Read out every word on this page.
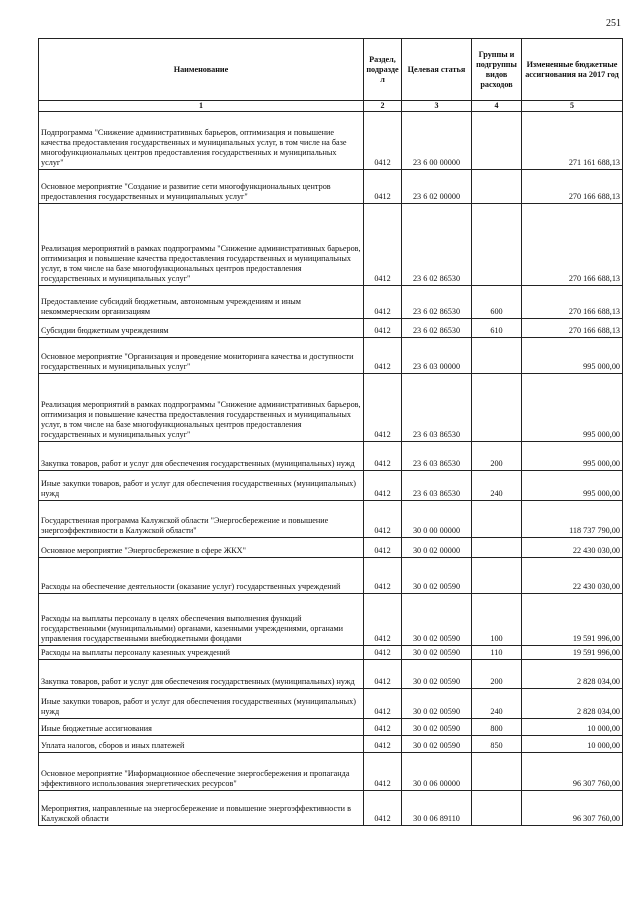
251
Наименование	Раздел, подразде л	Целевая статья	Группы и подгруппы видов расходов	Измененные бюджетные ассигнования на 2017 год
1	2	3	4	5
Подпрограмма "Снижение административных барьеров, оптимизация и повышение качества предоставления государственных и муниципальных услуг, в том числе на базе многофункциональных центров предоставления государственных и муниципальных услуг"	0412	23 6 00 00000		271 161 688,13
Основное мероприятие "Создание и развитие сети многофункциональных центров предоставления государственных и муниципальных услуг"	0412	23 6 02 00000		270 166 688,13
Реализация мероприятий в рамках подпрограммы "Снижение административных барьеров, оптимизация и повышение качества предоставления государственных и муниципальных услуг, в том числе на базе многофункциональных центров предоставления государственных и муниципальных услуг"	0412	23 6 02 86530		270 166 688,13
Предоставление субсидий бюджетным, автономным учреждениям и иным некоммерческим организациям	0412	23 6 02 86530	600	270 166 688,13
Субсидии бюджетным учреждениям	0412	23 6 02 86530	610	270 166 688,13
Основное мероприятие "Организация и проведение мониторинга качества и доступности государственных и муниципальных услуг"	0412	23 6 03 00000		995 000,00
Реализация мероприятий в рамках подпрограммы "Снижение административных барьеров, оптимизация и повышение качества предоставления государственных и муниципальных услуг, в том числе на базе многофункциональных центров предоставления государственных и муниципальных услуг"	0412	23 6 03 86530		995 000,00
Закупка товаров, работ и услуг для обеспечения государственных (муниципальных) нужд	0412	23 6 03 86530	200	995 000,00
Иные закупки товаров, работ и услуг для обеспечения государственных (муниципальных) нужд	0412	23 6 03 86530	240	995 000,00
Государственная программа Калужской области "Энергосбережение и повышение энергоэффективности в Калужской области"	0412	30 0 00 00000		118 737 790,00
Основное мероприятие "Энергосбережение в сфере ЖКХ"	0412	30 0 02 00000		22 430 030,00
Расходы на обеспечение деятельности (оказание услуг) государственных учреждений	0412	30 0 02 00590		22 430 030,00
Расходы на выплаты персоналу в целях обеспечения выполнения функций государственными (муниципальными) органами, казенными учреждениями, органами управления государственными внебюджетными фондами	0412	30 0 02 00590	100	19 591 996,00
Расходы на выплаты персоналу казенных учреждений	0412	30 0 02 00590	110	19 591 996,00
Закупка товаров, работ и услуг для обеспечения государственных (муниципальных) нужд	0412	30 0 02 00590	200	2 828 034,00
Иные закупки товаров, работ и услуг для обеспечения государственных (муниципальных) нужд	0412	30 0 02 00590	240	2 828 034,00
Иные бюджетные ассигнования	0412	30 0 02 00590	800	10 000,00
Уплата налогов, сборов и иных платежей	0412	30 0 02 00590	850	10 000,00
Основное мероприятие "Информационное обеспечение энергосбережения и пропаганда эффективного использования энергетических ресурсов"	0412	30 0 06 00000		96 307 760,00
Мероприятия, направленные на энергосбережение и повышение энергоэффективности в Калужской области	0412	30 0 06 89110		96 307 760,00
